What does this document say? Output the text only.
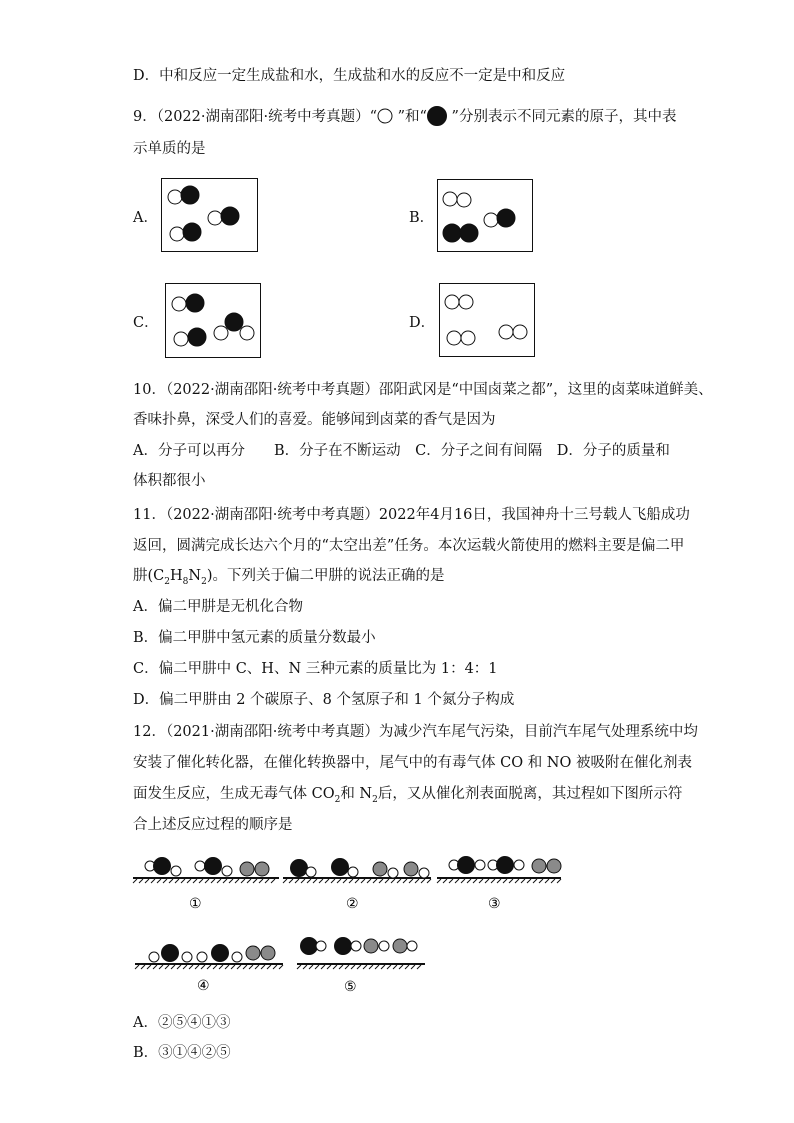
D．中和反应一定生成盐和水，生成盐和水的反应不一定是中和反应
9．（2022·湖南邵阳·统考中考真题）“ ”和“ ”分别表示不同元素的原子，其中表
示单质的是
A．	B．
C．	D．
10．（2022·湖南邵阳·统考中考真题）邵阳武冈是“中国卤菜之都”，这里的卤菜味道鲜美、
香味扑鼻，深受人们的喜爱。能够闻到卤菜的香气是因为
A．分子可以再分　　B．分子在不断运动　C．分子之间有间隔　D．分子的质量和
体积都很小
11．（2022·湖南邵阳·统考中考真题）2022年4月16日，我国神舟十三号载人飞船成功
返回，圆满完成长达六个月的“太空出差”任务。本次运载火箭使用的燃料主要是偏二甲
肼$(C_2H_8N_2)$。下列关于偏二甲肼的说法正确的是
A．偏二甲肼是无机化合物
B．偏二甲肼中氢元素的质量分数最小
C．偏二甲肼中 C、H、N 三种元素的质量比为 1：4：1
D．偏二甲肼由 2 个碳原子、8 个氢原子和 1 个氮分子构成
12．（2021·湖南邵阳·统考中考真题）为减少汽车尾气污染，目前汽车尾气处理系统中均
安装了催化转化器，在催化转换器中，尾气中的有毒气体 CO 和 NO 被吸附在催化剂表
面发生反应，生成无毒气体 $CO_2$和 $N_2$后，又从催化剂表面脱离，其过程如下图所示符
合上述反应过程的顺序是
①	②	③
④	⑤
A．②⑤④①③
B．③①④②⑤
